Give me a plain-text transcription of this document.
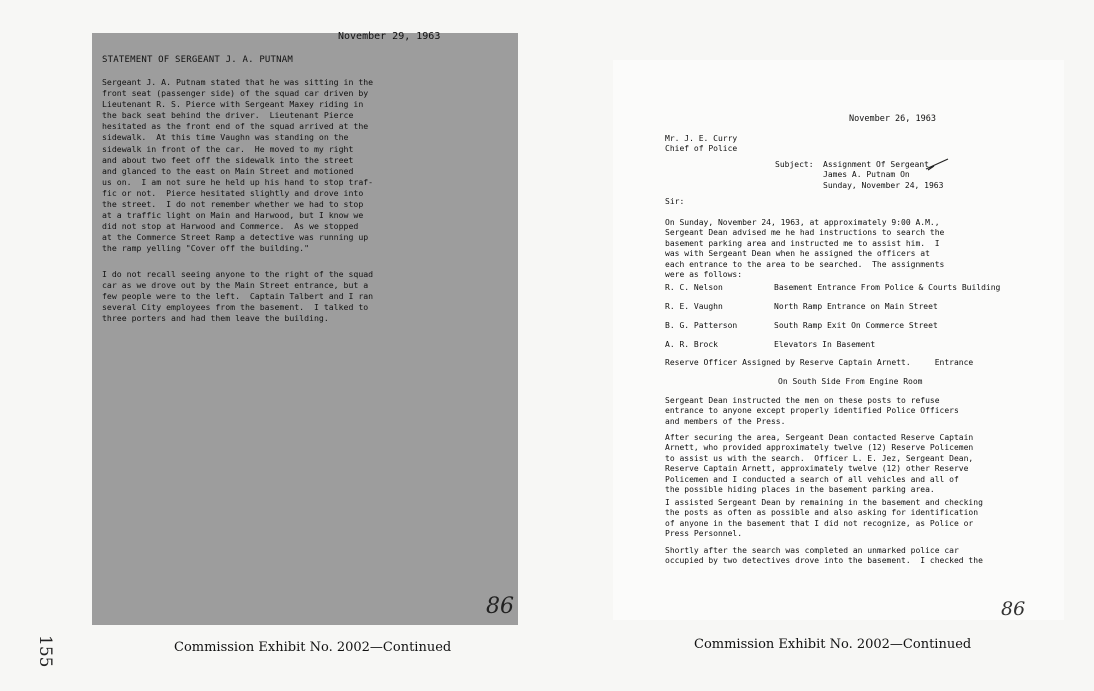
155
November 29, 1963
STATEMENT OF SERGEANT J. A. PUTNAM
Sergeant J. A. Putnam stated that he was sitting in the
front seat (passenger side) of the squad car driven by
Lieutenant R. S. Pierce with Sergeant Maxey riding in
the back seat behind the driver.  Lieutenant Pierce
hesitated as the front end of the squad arrived at the
sidewalk.  At this time Vaughn was standing on the
sidewalk in front of the car.  He moved to my right
and about two feet off the sidewalk into the street
and glanced to the east on Main Street and motioned
us on.  I am not sure he held up his hand to stop traf-
fic or not.  Pierce hesitated slightly and drove into
the street.  I do not remember whether we had to stop
at a traffic light on Main and Harwood, but I know we
did not stop at Harwood and Commerce.  As we stopped
at the Commerce Street Ramp a detective was running up
the ramp yelling "Cover off the building."
I do not recall seeing anyone to the right of the squad
car as we drove out by the Main Street entrance, but a
few people were to the left.  Captain Talbert and I ran
several City employees from the basement.  I talked to
three porters and had them leave the building.
86
Commission Exhibit No. 2002—Continued
November 26, 1963
Mr. J. E. Curry
Chief of Police
Subject: Assignment Of Sergeant
James A. Putnam On
Sunday, November 24, 1963
Sir:
On Sunday, November 24, 1963, at approximately 9:00 A.M.,
Sergeant Dean advised me he had instructions to search the
basement parking area and instructed me to assist him.  I
was with Sergeant Dean when he assigned the officers at
each entrance to the area to be searched.  The assignments
were as follows:
R. C. Nelson	Basement Entrance From Police & Courts Building
R. E. Vaughn	North Ramp Entrance on Main Street
B. G. Patterson	South Ramp Exit On Commerce Street
A. R. Brock	Elevators In Basement
Reserve Officer Assigned by Reserve Captain Arnett.     Entrance
On South Side From Engine Room
Sergeant Dean instructed the men on these posts to refuse
entrance to anyone except properly identified Police Officers
and members of the Press.
After securing the area, Sergeant Dean contacted Reserve Captain
Arnett, who provided approximately twelve (12) Reserve Policemen
to assist us with the search.  Officer L. E. Jez, Sergeant Dean,
Reserve Captain Arnett, approximately twelve (12) other Reserve
Policemen and I conducted a search of all vehicles and all of
the possible hiding places in the basement parking area.
I assisted Sergeant Dean by remaining in the basement and checking
the posts as often as possible and also asking for identification
of anyone in the basement that I did not recognize, as Police or
Press Personnel.
Shortly after the search was completed an unmarked police car
occupied by two detectives drove into the basement.  I checked the
86
Commission Exhibit No. 2002—Continued
